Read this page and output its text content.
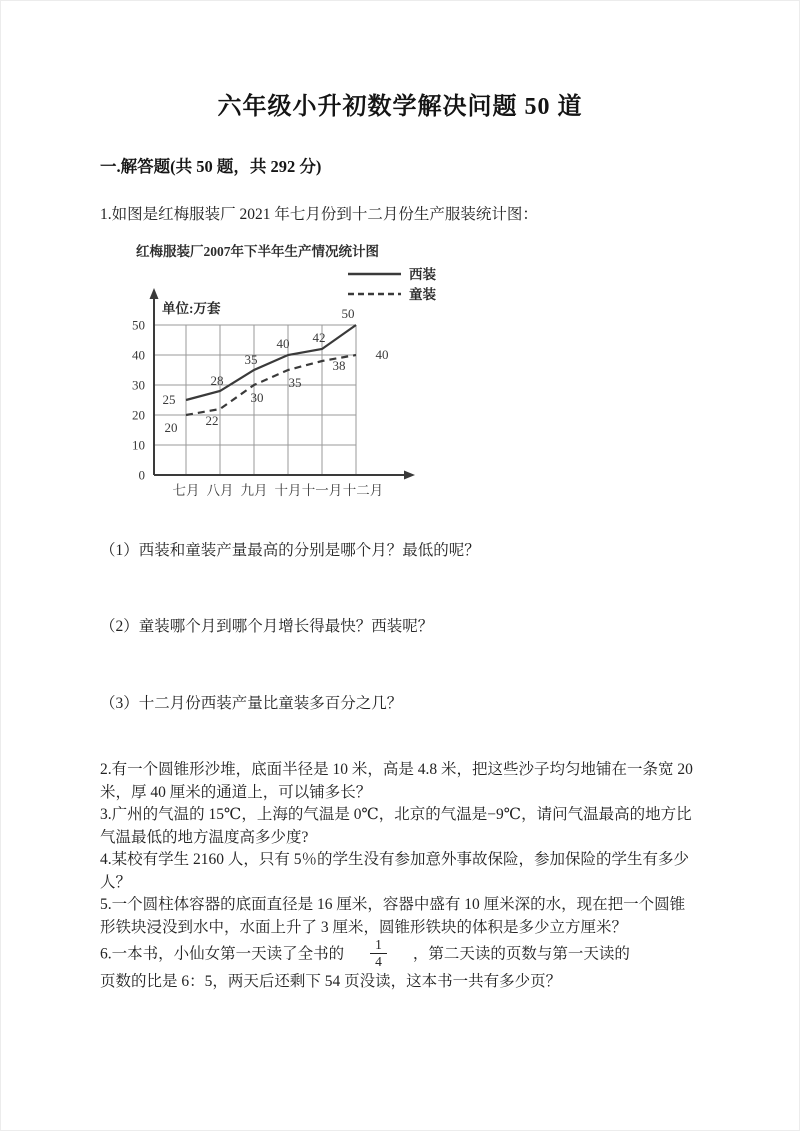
六年级小升初数学解决问题 50 道
一.解答题(共 50 题，共 292 分)

1.如图是红梅服装厂 2021 年七月份到十二月份生产服装统计图：

0
10
20
30
40
50
七月 八月 九月 十月 十一月 十二月
红梅服装厂2007年下半年生产情况统计图
单位:万套
25
28
35
40 42
50
20 22
30
35
38
40
西装
童装

（1）西装和童装产量最高的分别是哪个月？最低的呢？

（2）童装哪个月到哪个月增长得最快？西装呢？

（3）十二月份西装产量比童装多百分之几？

2.有一个圆锥形沙堆，底面半径是 10 米，高是 4.8 米，把这些沙子均匀地铺在一条宽 20 米，厚 40 厘米的通道上，可以铺多长？

3.广州的气温的 15℃，上海的气温是 0℃，北京的气温是−9℃，请问气温最高的地方比气温最低的地方温度高多少度?

4.某校有学生 2160 人，只有 5％的学生没有参加意外事故保险，参加保险的学生有多少人？

5.一个圆柱体容器的底面直径是 16 厘米，容器中盛有 10 厘米深的水，现在把一个圆锥形铁块浸没到水中，水面上升了 3 厘米，圆锥形铁块的体积是多少立方厘米？

6.一本书，小仙女第一天读了全书的 $\frac{1}{4}$ ，第二天读的页数与第一天读的

页数的比是 6：5，两天后还剩下 54 页没读，这本书一共有多少页？
